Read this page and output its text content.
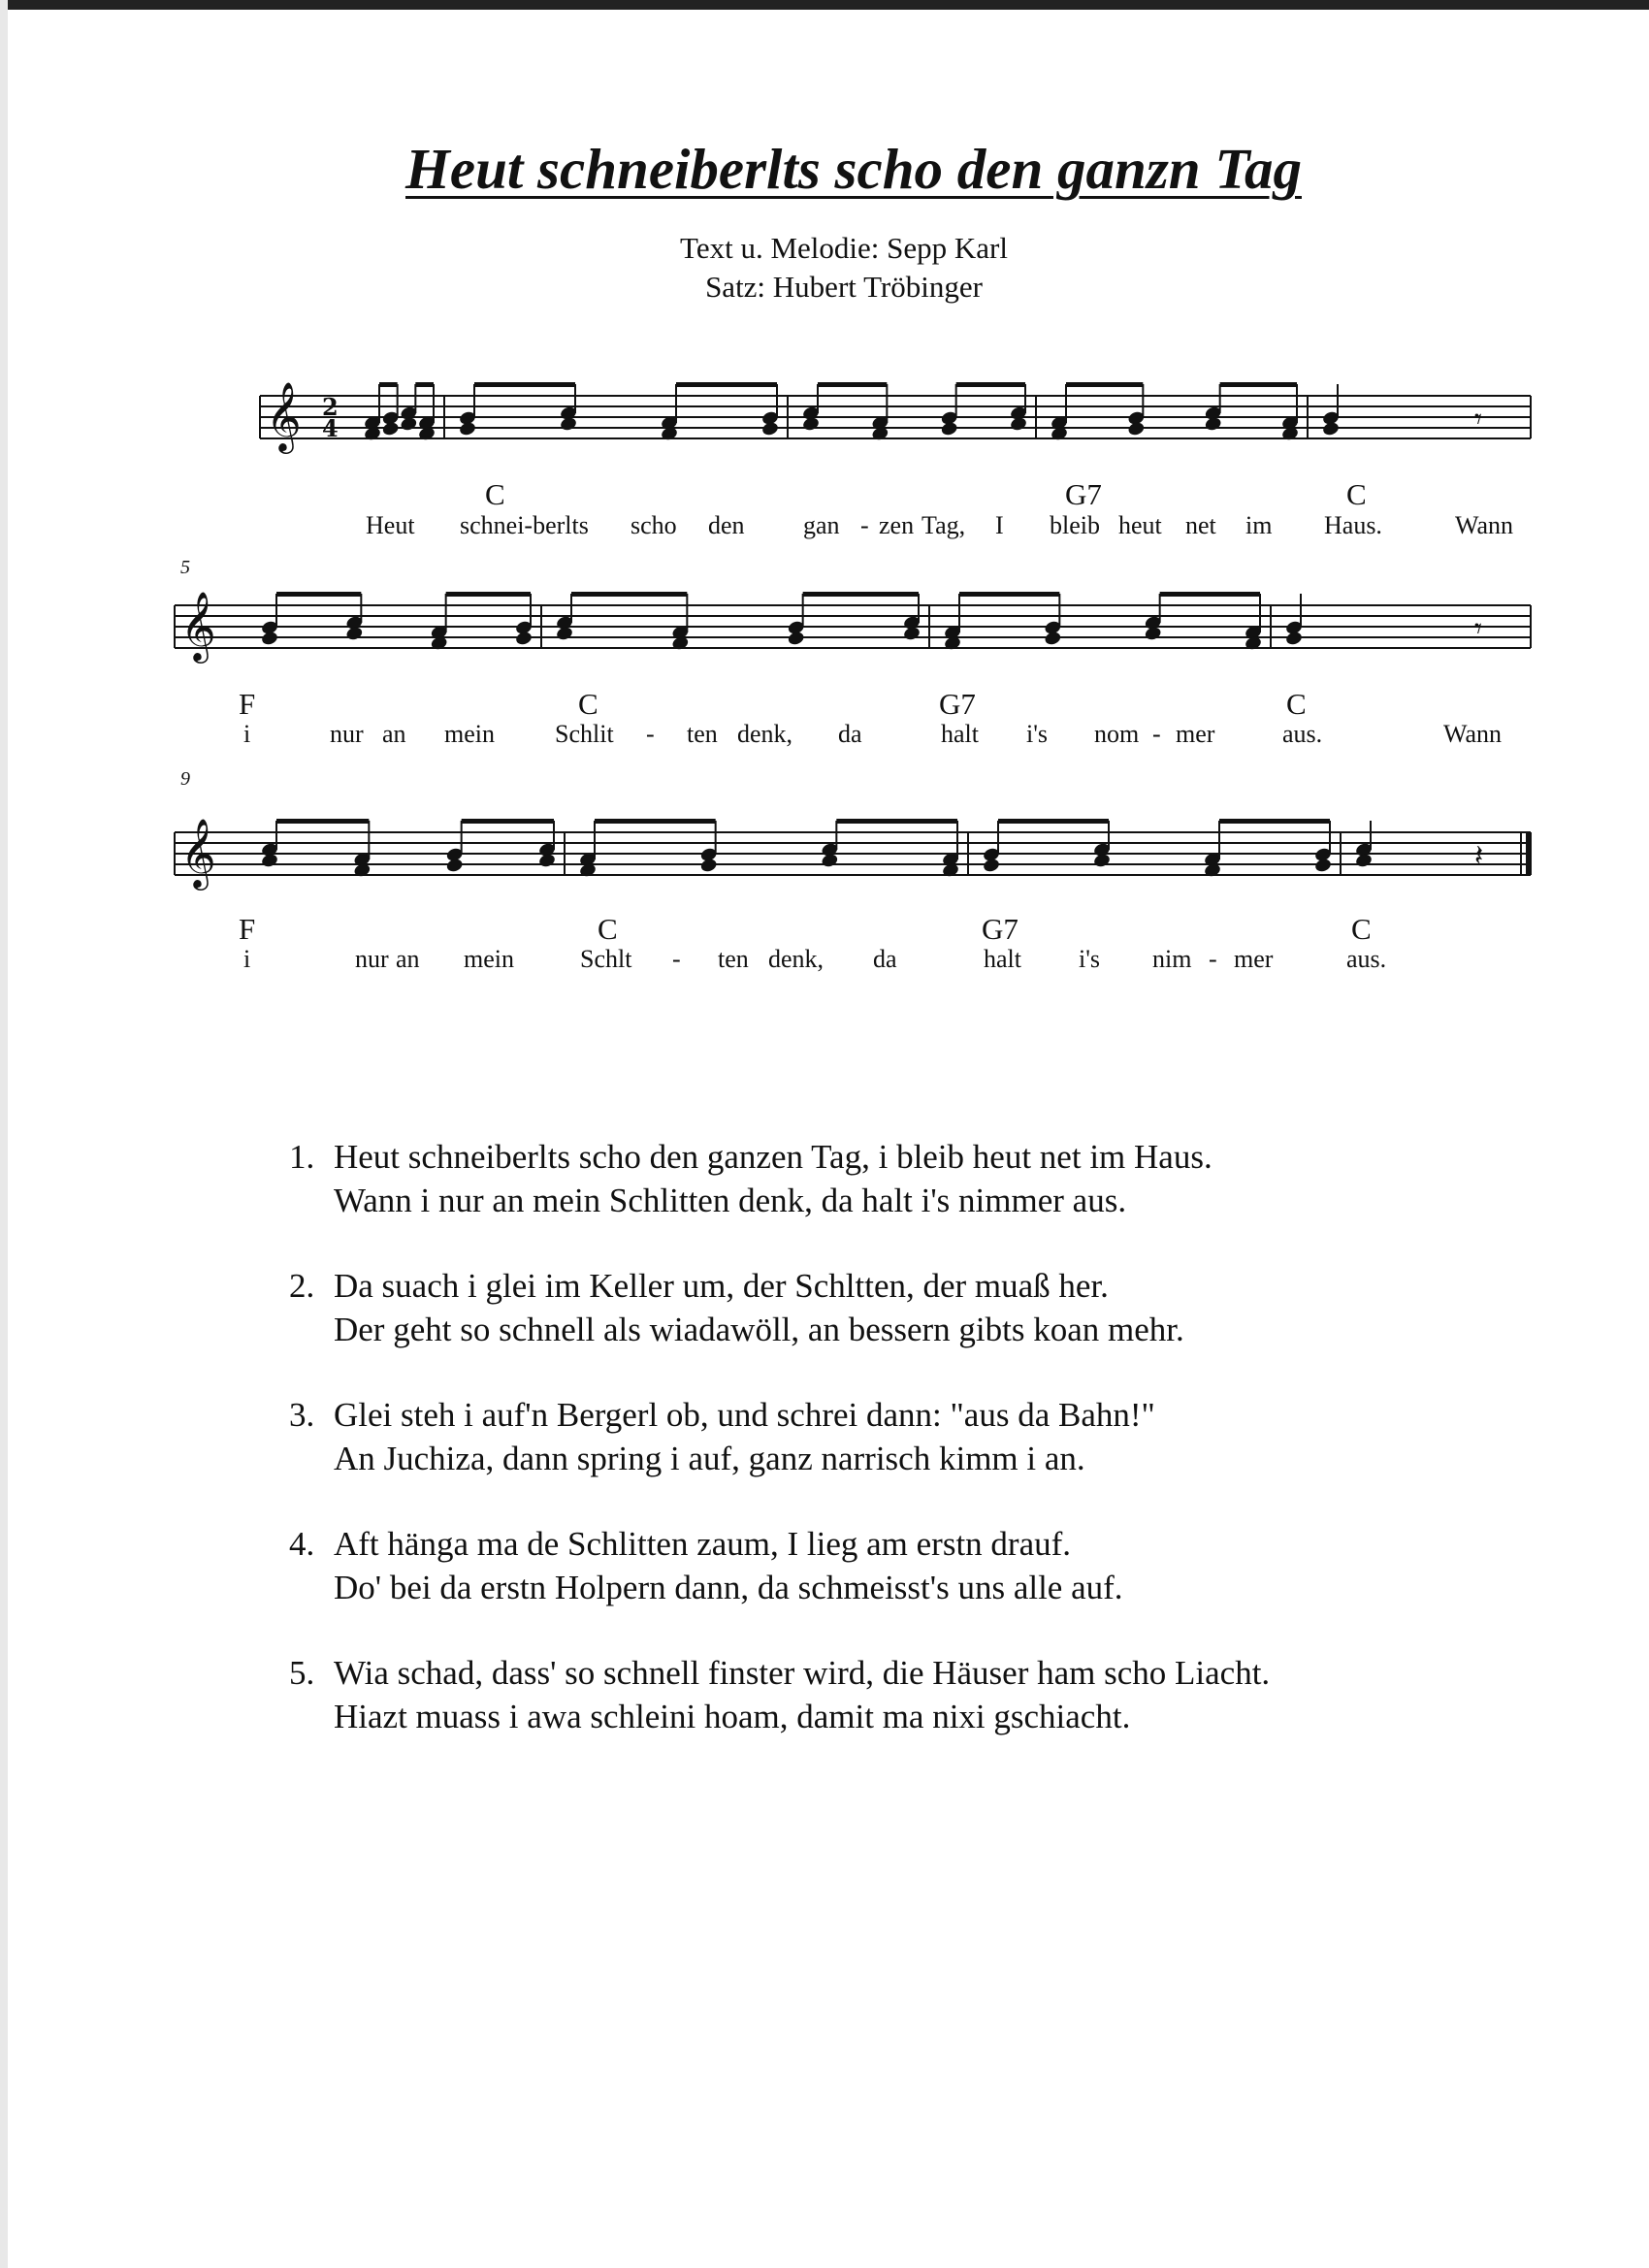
Heut schneiberlts scho den ganzn Tag
Text u. Melodie: Sepp Karl
Satz: Hubert Tröbinger
𝄞 2
4	𝄾
𝄞	𝄾
𝄞	𝄽
5
9
C	G7	C
Heut schnei-berlts scho den gan - zen Tag, I bleib heut net im Haus.	Wann
F	C	G7	C
i	nur an mein Schlit - ten denk, da	halt i's nom - mer	aus.	Wann
F	C	G7	C
i	nur an mein	Schlt - ten denk, da	halt i's nim - mer	aus.
1. Heut schneiberlts scho den ganzen Tag, i bleib heut net im Haus.
Wann i nur an mein Schlitten denk, da halt i's nimmer aus.
2. Da suach i glei im Keller um, der Schltten, der muaß her.
Der geht so schnell als wiadawöll, an bessern gibts koan mehr.
3. Glei steh i auf'n Bergerl ob, und schrei dann: "aus da Bahn!"
An Juchiza, dann spring i auf, ganz narrisch kimm i an.
4. Aft hänga ma de Schlitten zaum, I lieg am erstn drauf.
Do' bei da erstn Holpern dann, da schmeisst's uns alle auf.
5. Wia schad, dass' so schnell finster wird, die Häuser ham scho Liacht.
Hiazt muass i awa schleini hoam, damit ma nixi gschiacht.
